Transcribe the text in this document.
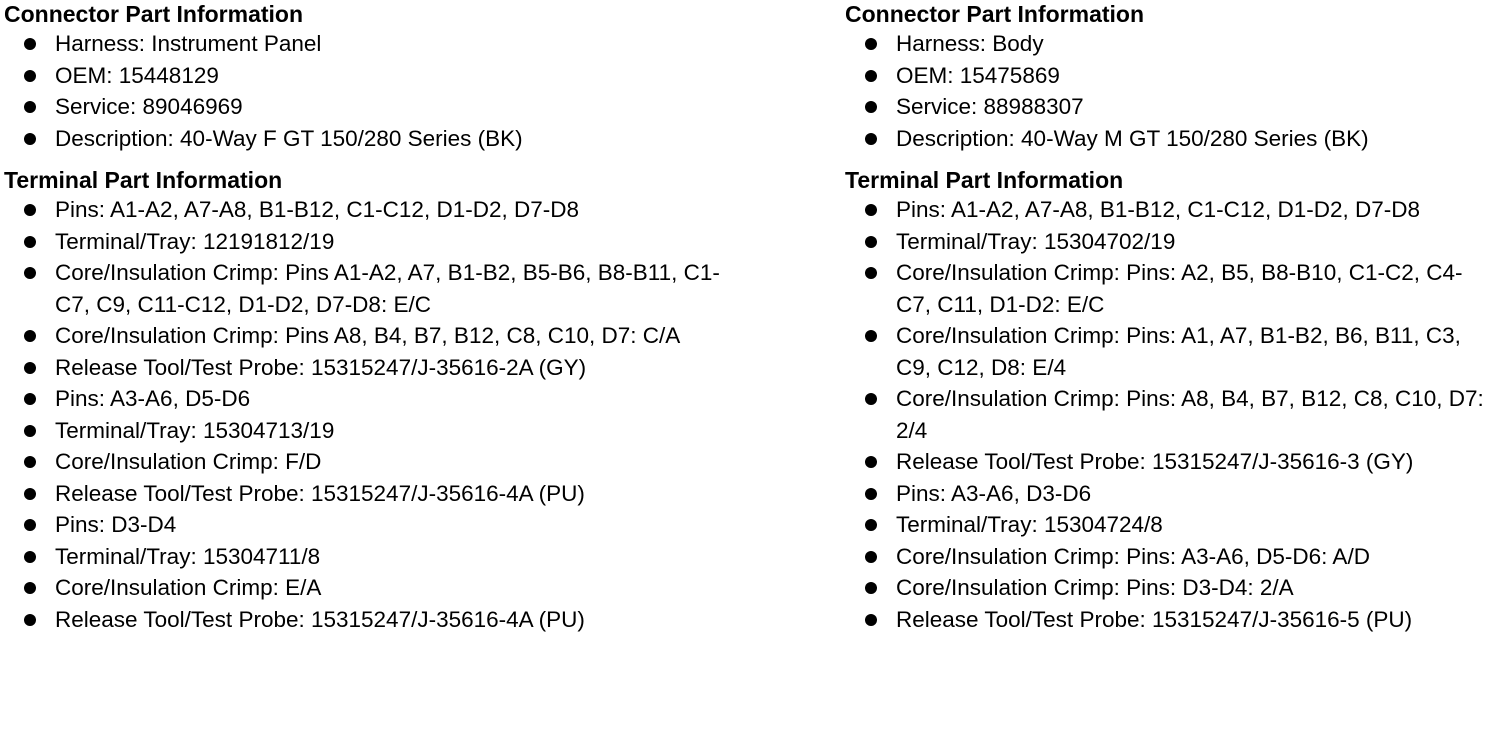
Connector Part Information
Harness: Instrument Panel
OEM: 15448129
Service: 89046969
Description: 40-Way F GT 150/280 Series (BK)
Terminal Part Information
Pins: A1-A2, A7-A8, B1-B12, C1-C12, D1-D2, D7-D8
Terminal/Tray: 12191812/19
Core/Insulation Crimp: Pins A1-A2, A7, B1-B2, B5-B6, B8-B11, C1-C7, C9, C11-C12, D1-D2, D7-D8: E/C
Core/Insulation Crimp: Pins A8, B4, B7, B12, C8, C10, D7: C/A
Release Tool/Test Probe: 15315247/J-35616-2A (GY)
Pins: A3-A6, D5-D6
Terminal/Tray: 15304713/19
Core/Insulation Crimp: F/D
Release Tool/Test Probe: 15315247/J-35616-4A (PU)
Pins: D3-D4
Terminal/Tray: 15304711/8
Core/Insulation Crimp: E/A
Release Tool/Test Probe: 15315247/J-35616-4A (PU)
Connector Part Information
Harness: Body
OEM: 15475869
Service: 88988307
Description: 40-Way M GT 150/280 Series (BK)
Terminal Part Information
Pins: A1-A2, A7-A8, B1-B12, C1-C12, D1-D2, D7-D8
Terminal/Tray: 15304702/19
Core/Insulation Crimp: Pins: A2, B5, B8-B10, C1-C2, C4-C7, C11, D1-D2: E/C
Core/Insulation Crimp: Pins: A1, A7, B1-B2, B6, B11, C3, C9, C12, D8: E/4
Core/Insulation Crimp: Pins: A8, B4, B7, B12, C8, C10, D7: 2/4
Release Tool/Test Probe: 15315247/J-35616-3 (GY)
Pins: A3-A6, D3-D6
Terminal/Tray: 15304724/8
Core/Insulation Crimp: Pins: A3-A6, D5-D6: A/D
Core/Insulation Crimp: Pins: D3-D4: 2/A
Release Tool/Test Probe: 15315247/J-35616-5 (PU)
